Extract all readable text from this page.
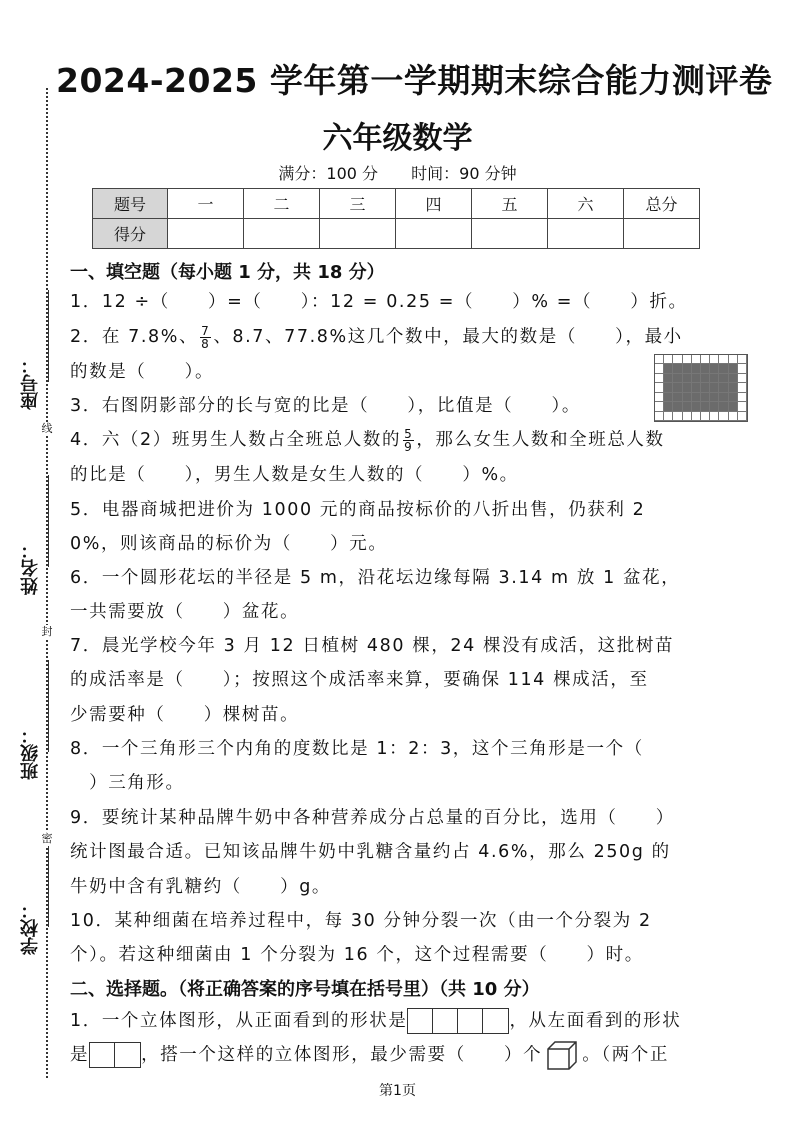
座号：
姓名：
班级：
学校：
线
封
密
2024-2025 学年第一学期期末综合能力测评卷
六年级数学
满分：100 分 时间：90 分钟
题号	一	二	三	四	五	六	总分
得分							
一、填空题（每小题 1 分，共 18 分）
1．12 ÷（　　）=（　　）：12 = 0.25 =（　　）% =（　　）折。
2．在 7.8%、 $\frac{7}{8}$ 、8.7、77.8%这几个数中，最大的数是（　　），最小
的数是（　　）。
3．右图阴影部分的长与宽的比是（　　），比值是（　　）。
4．六（2）班男生人数占全班总人数的 $\frac{5}{9}$ ，那么女生人数和全班总人数
的比是（　　），男生人数是女生人数的（　　）%。
5．电器商城把进价为 1000 元的商品按标价的八折出售，仍获利 2
0%，则该商品的标价为（　　）元。
6．一个圆形花坛的半径是 5 m，沿花坛边缘每隔 3.14 m 放 1 盆花，
一共需要放（　　）盆花。
7．晨光学校今年 3 月 12 日植树 480 棵，24 棵没有成活，这批树苗
的成活率是（　　）；按照这个成活率来算，要确保 114 棵成活，至
少需要种（　　）棵树苗。
8．一个三角形三个内角的度数比是 1：2：3，这个三角形是一个（
　）三角形。
9．要统计某种品牌牛奶中各种营养成分占总量的百分比，选用（　　）
统计图最合适。已知该品牌牛奶中乳糖含量约占 4.6%，那么 250g 的
牛奶中含有乳糖约（　　）g。
10．某种细菌在培养过程中，每 30 分钟分裂一次（由一个分裂为 2
个）。若这种细菌由 1 个分裂为 16 个，这个过程需要（　　）时。
二、选择题。（将正确答案的序号填在括号里）（共 10 分）
1．一个立体图形，从正面看到的形状是	，从左面看到的形状
是	，搭一个这样的立体图形，最少需要（　　）个 。（两个正
第1页
